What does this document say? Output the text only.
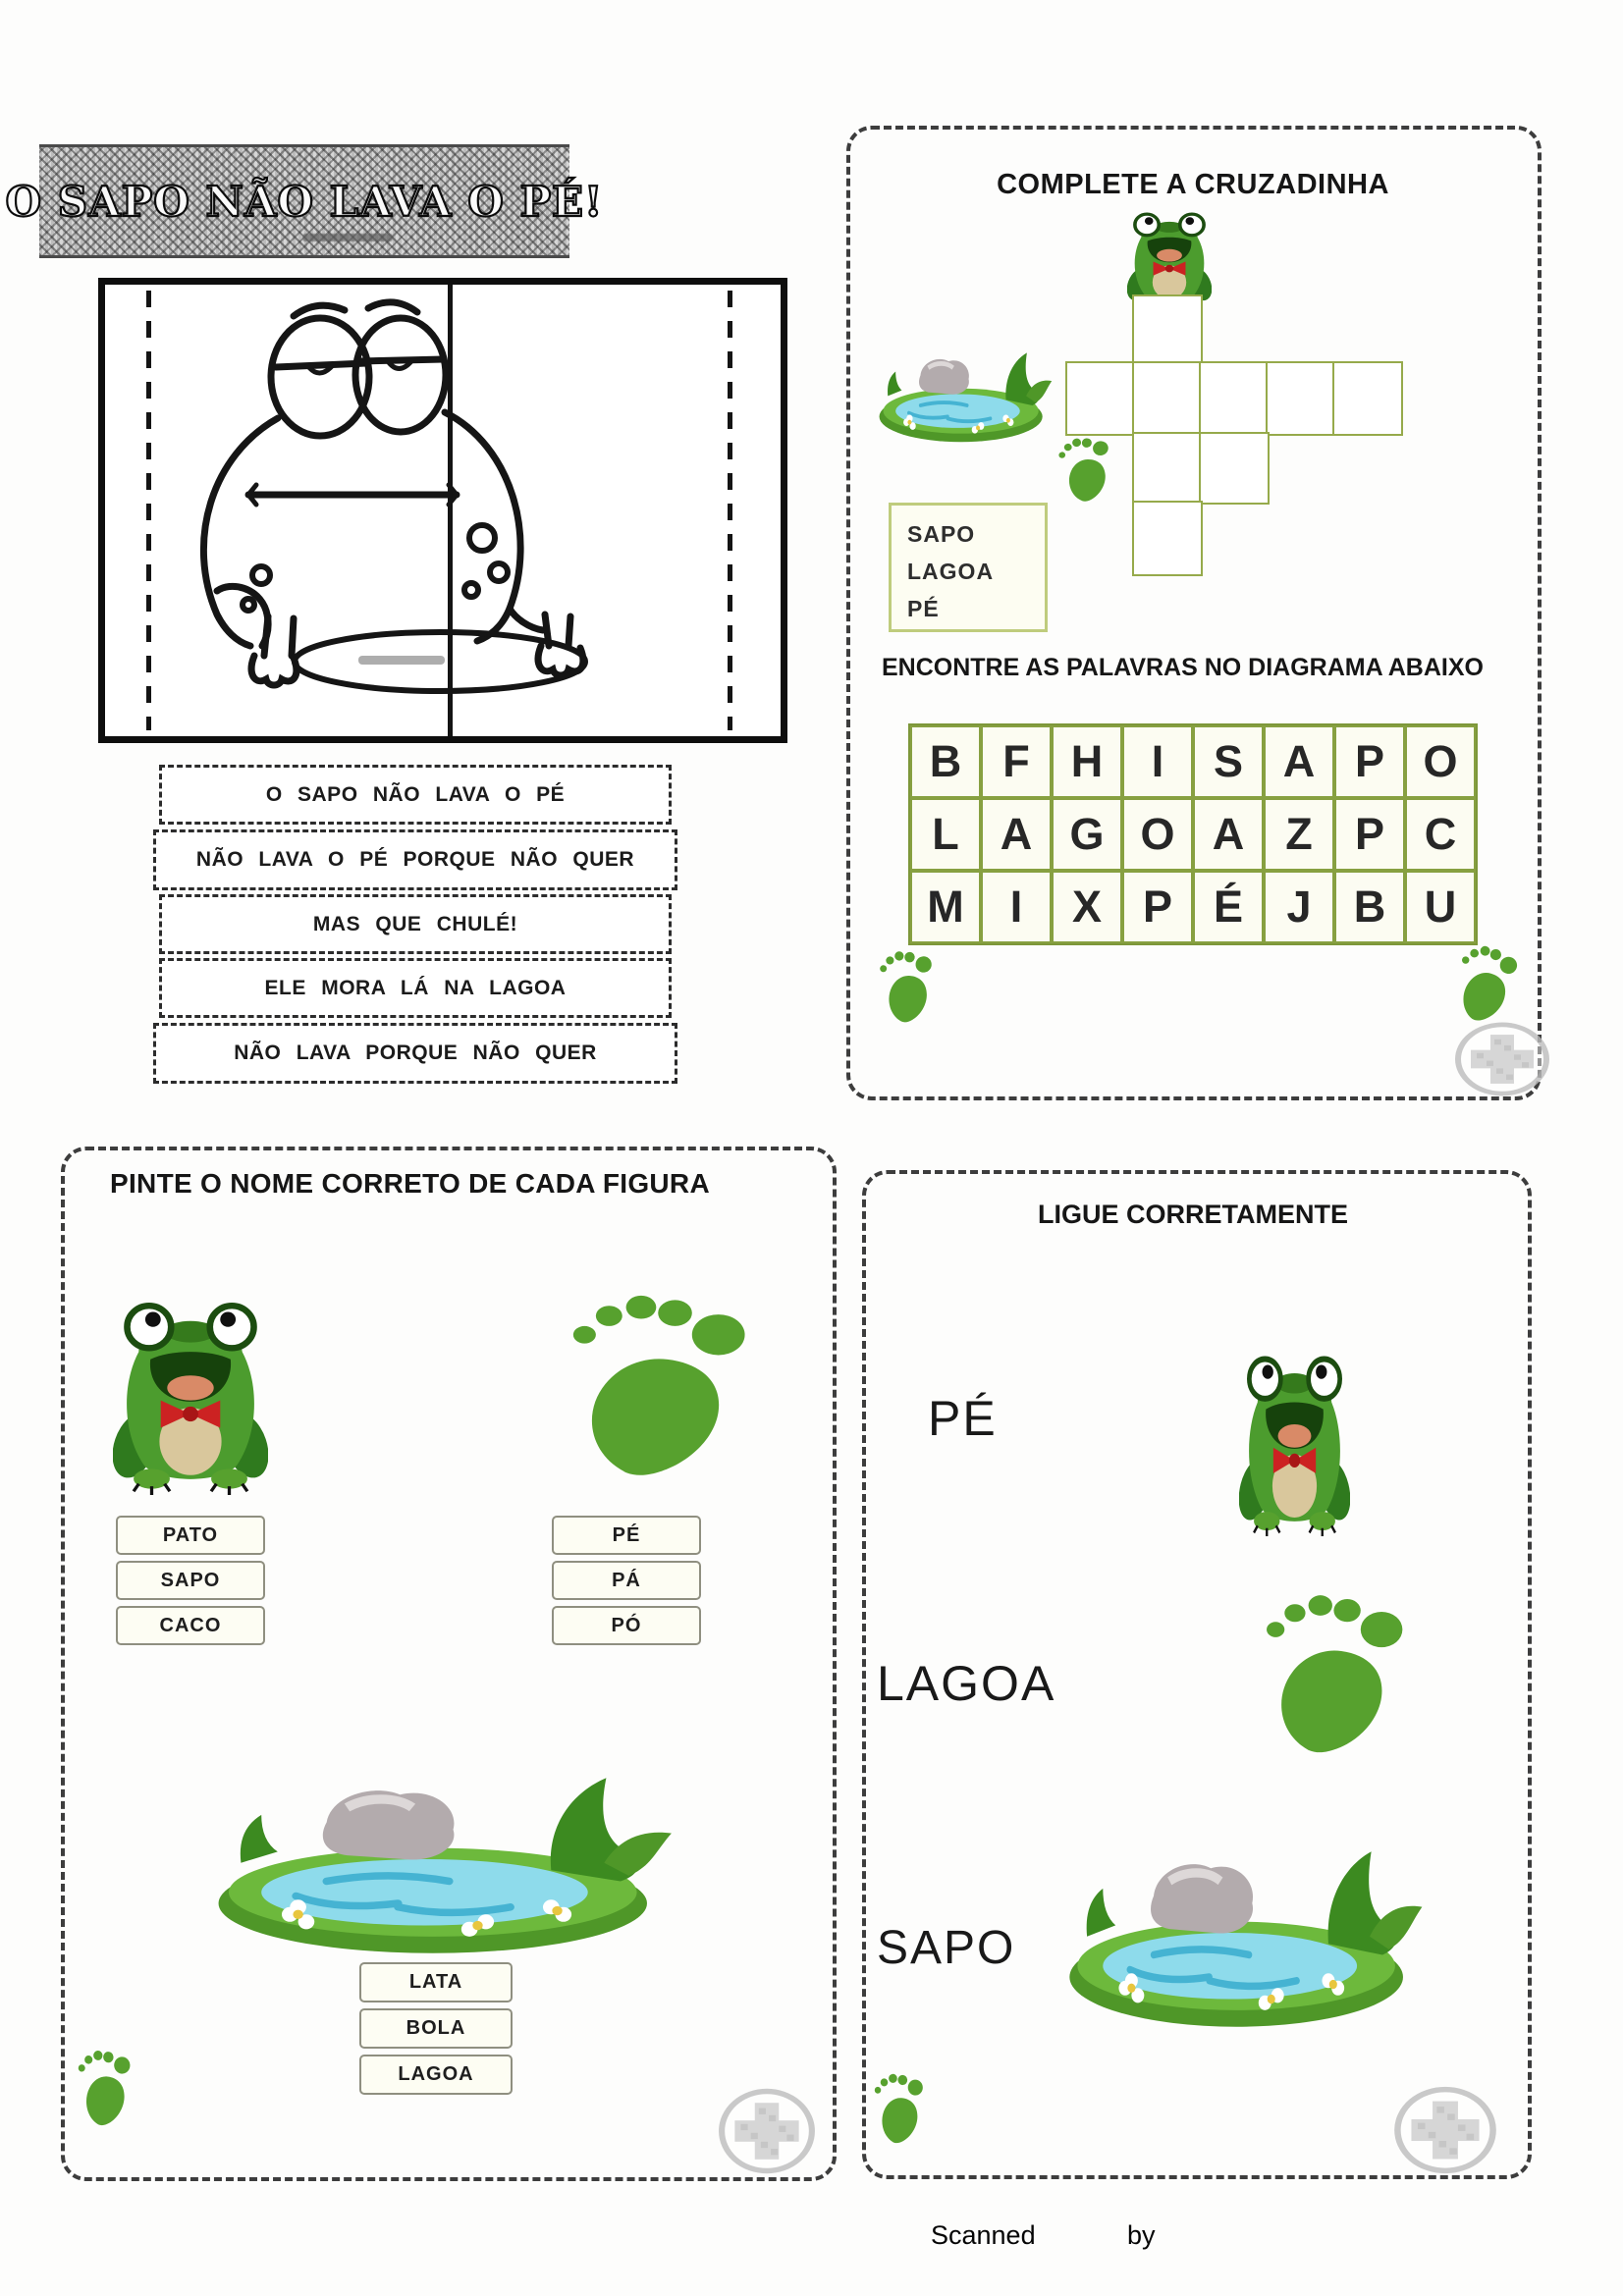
O SAPO NÃO LAVA O PÉ!
O SAPO NÃO LAVA O PÉ
NÃO LAVA O PÉ PORQUE NÃO QUER
MAS QUE CHULÉ!
ELE MORA LÁ NA LAGOA
NÃO LAVA PORQUE NÃO QUER
COMPLETE A CRUZADINHA
SAPO
LAGOA
PÉ
ENCONTRE AS PALAVRAS NO DIAGRAMA ABAIXO
B F H	I	S A P O
L A G O A Z P C
M	I	X P É J B U
PINTE O NOME CORRETO DE CADA FIGURA
PATO
SAPO
CACO
PÉ
PÁ
PÓ
LATA
BOLA
LAGOA
LIGUE CORRETAMENTE
PÉ
LAGOA
SAPO
Scanned	by
